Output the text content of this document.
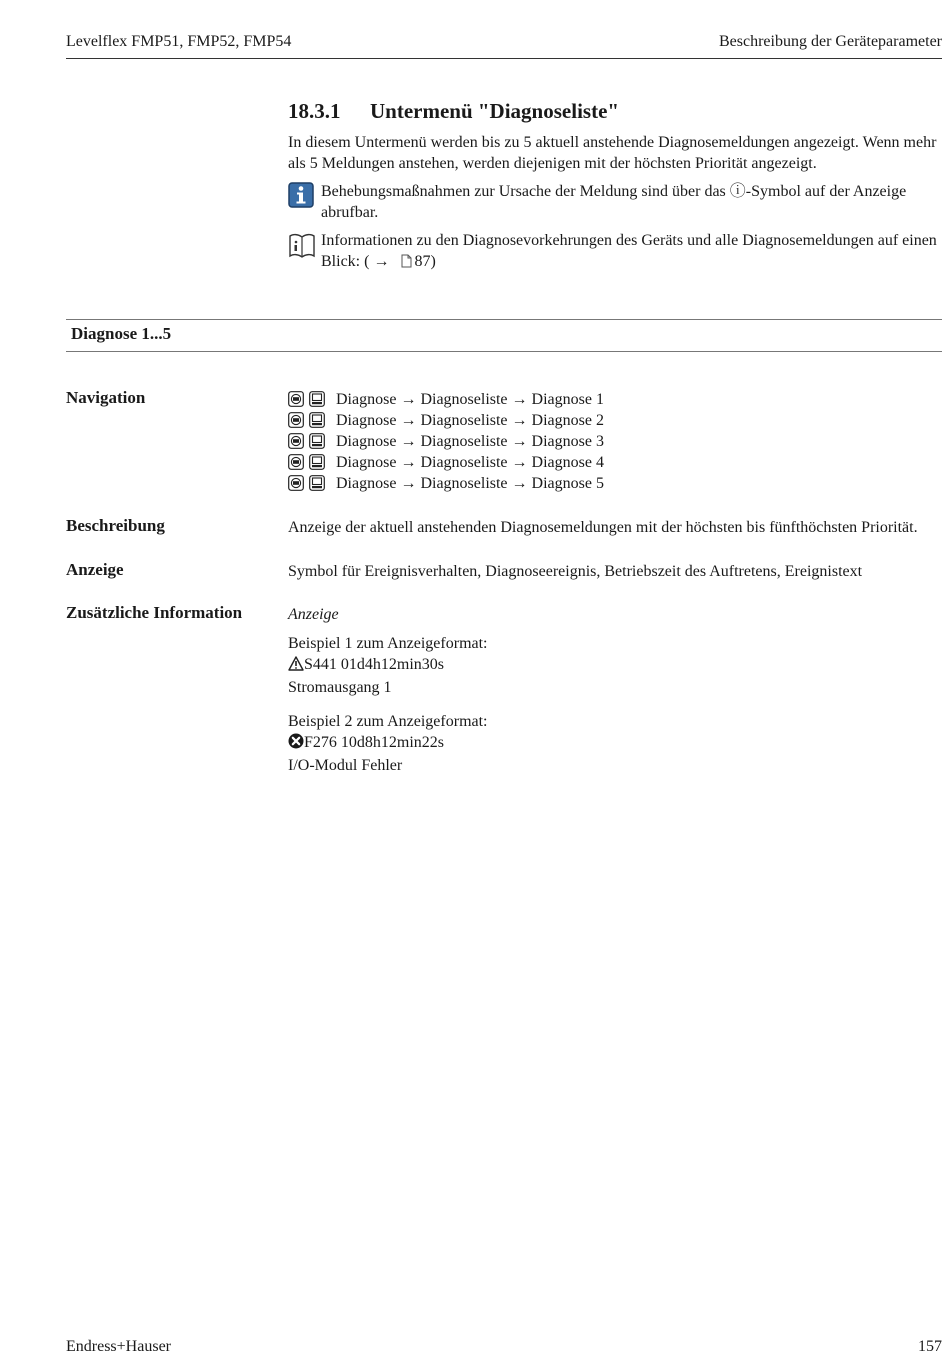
Levelflex FMP51, FMP52, FMP54	Beschreibung der Geräteparameter
18.3.1 Untermenü "Diagnoseliste"
In diesem Untermenü werden bis zu 5 aktuell anstehende Diagnosemeldungen angezeigt. Wenn mehr als 5 Meldungen anstehen, werden diejenigen mit der höchsten Priorität angezeigt.
Behebungsmaßnahmen zur Ursache der Meldung sind über das ⓘ-Symbol auf der Anzeige abrufbar.
Informationen zu den Diagnosevorkehrungen des Geräts und alle Diagnosemeldungen auf einen Blick: ( → 87)
Diagnose 1...5
Navigation	Diagnose → Diagnoseliste → Diagnose 1
Diagnose → Diagnoseliste → Diagnose 2
Diagnose → Diagnoseliste → Diagnose 3
Diagnose → Diagnoseliste → Diagnose 4
Diagnose → Diagnoseliste → Diagnose 5
Beschreibung	Anzeige der aktuell anstehenden Diagnosemeldungen mit der höchsten bis fünfthöchsten Priorität.
Anzeige	Symbol für Ereignisverhalten, Diagnoseereignis, Betriebszeit des Auftretens, Ereignistext
Zusätzliche Information	Anzeige
Beispiel 1 zum Anzeigeformat:
S441 01d4h12min30s
Stromausgang 1
Beispiel 2 zum Anzeigeformat:
F276 10d8h12min22s
I/O-Modul Fehler
Endress+Hauser	157
